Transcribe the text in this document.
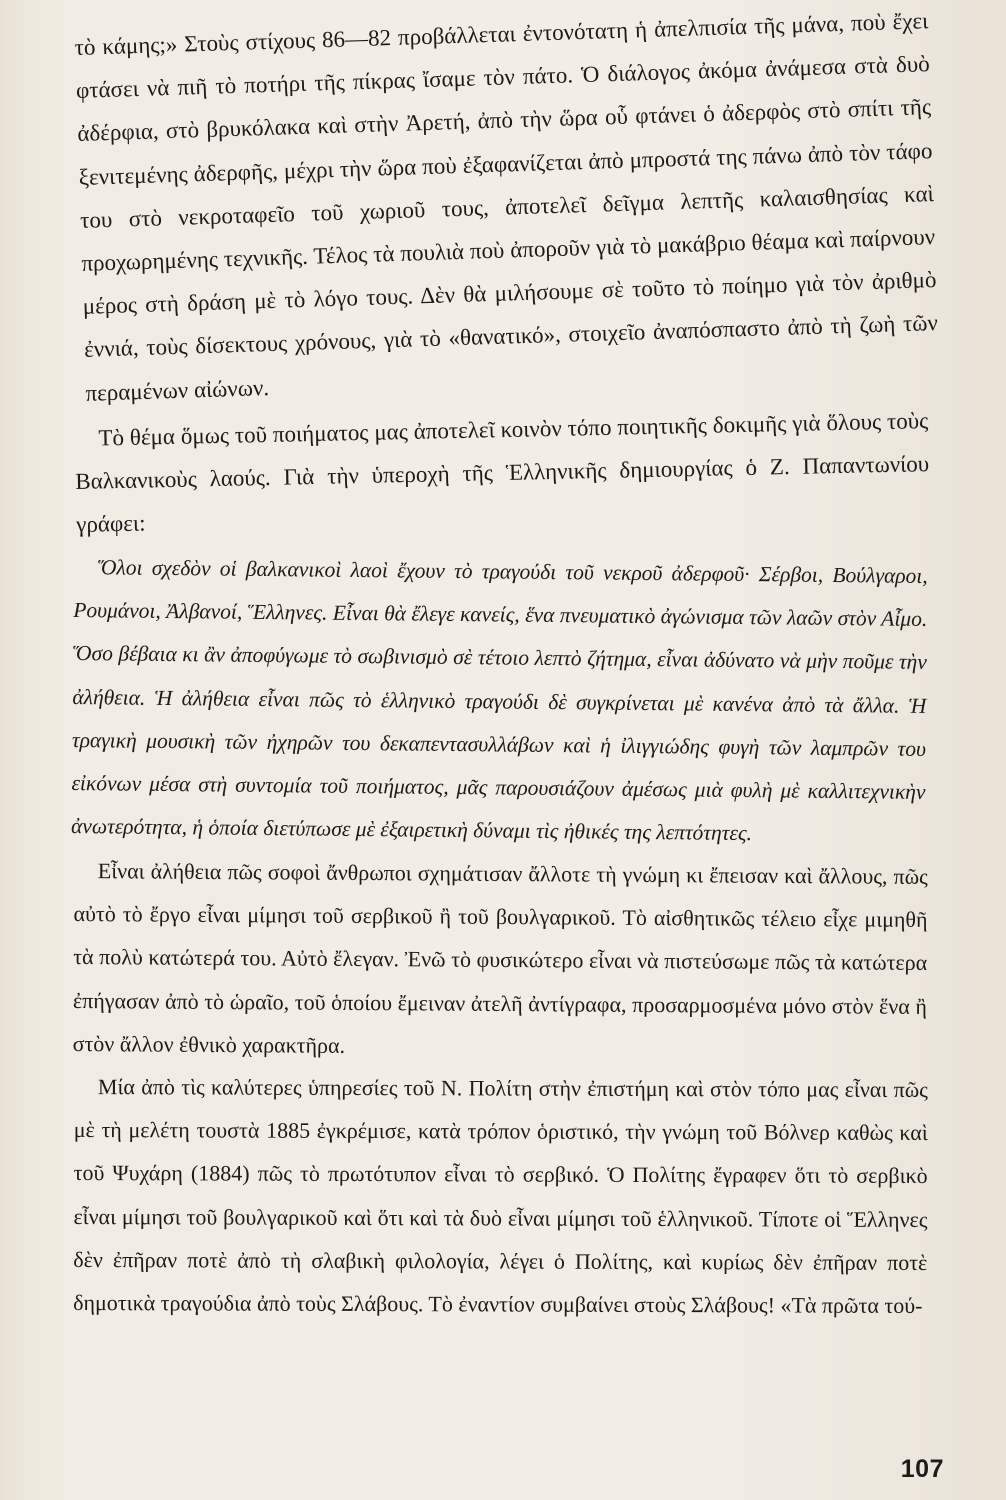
τὸ κάμης;» Στοὺς στίχους 86—82 προβάλλεται ἐντονότατη ἡ ἀπελπισία τῆς μάνα, ποὺ ἔχει φτάσει νὰ πιῆ τὸ ποτήρι τῆς πίκρας ἴσαμε τὸν πάτο. Ὁ διάλογος ἀκόμα ἀνάμεσα στὰ δυὸ ἀδέρφια, στὸ βρυκόλακα καὶ στὴν Ἀρετή, ἀπὸ τὴν ὥρα οὗ φτάνει ὁ ἀδερφὸς στὸ σπίτι τῆς ξενιτεμένης ἀδερφῆς, μέχρι τὴν ὥρα ποὺ ἐξαφανίζεται ἀπὸ μπροστά της πάνω ἀπὸ τὸν τάφο του στὸ νεκροταφεῖο τοῦ χωριοῦ τους, ἀποτελεῖ δεῖγμα λεπτῆς καλαισθησίας καὶ προχωρημένης τεχνικῆς. Τέλος τὰ πουλιὰ ποὺ ἀποροῦν γιὰ τὸ μακάβριο θέαμα καὶ παίρνουν μέρος στὴ δράση μὲ τὸ λόγο τους. Δὲν θὰ μιλήσουμε σὲ τοῦτο τὸ ποίημο γιὰ τὸν ἀριθμὸ ἐννιά, τοὺς δίσεκτους χρόνους, γιὰ τὸ «θανατικό», στοιχεῖο ἀναπόσπαστο ἀπὸ τὴ ζωὴ τῶν περαμένων αἰώνων.

Τὸ θέμα ὅμως τοῦ ποιήματος μας ἀποτελεῖ κοινὸν τόπο ποιητικῆς δοκιμῆς γιὰ ὅλους τοὺς Βαλκανικοὺς λαούς. Γιὰ τὴν ὑπεροχὴ τῆς Ἑλληνικῆς δημιουργίας ὁ Ζ. Παπαντωνίου γράφει:

Ὅλοι σχεδὸν οἱ βαλκανικοὶ λαοὶ ἔχουν τὸ τραγούδι τοῦ νεκροῦ ἀδερφοῦ· Σέρβοι, Βούλγαροι, Ρουμάνοι, Ἀλβανοί, Ἕλληνες. Εἶναι θὰ ἔλεγε κανείς, ἕνα πνευματικὸ ἀγώνισμα τῶν λαῶν στὸν Αἶμο. Ὅσο βέβαια κι ἂν ἀποφύγωμε τὸ σωβινισμὸ σὲ τέτοιο λεπτὸ ζήτημα, εἶναι ἀδύνατο νὰ μὴν ποῦμε τὴν ἀλήθεια. Ἡ ἀλήθεια εἶναι πῶς τὸ ἑλληνικὸ τραγούδι δὲ συγκρίνεται μὲ κανένα ἀπὸ τὰ ἄλλα. Ἡ τραγικὴ μουσικὴ τῶν ἠχηρῶν του δεκαπεντασυλλάβων καὶ ἡ ἰλιγγιώδης φυγὴ τῶν λαμπρῶν του εἰκόνων μέσα στὴ συντομία τοῦ ποιήματος, μᾶς παρουσιάζουν ἀμέσως μιὰ φυλὴ μὲ καλλιτεχνικὴν ἀνωτερότητα, ἡ ὁποία διετύπωσε μὲ ἐξαιρετικὴ δύναμι τὶς ἠθικές της λεπτότητες.

Εἶναι ἀλήθεια πῶς σοφοὶ ἄνθρωποι σχημάτισαν ἄλλοτε τὴ γνώμη κι ἔπεισαν καὶ ἄλλους, πῶς αὐτὸ τὸ ἔργο εἶναι μίμησι τοῦ σερβικοῦ ἢ τοῦ βουλγαρικοῦ. Τὸ αἰσθητικῶς τέλειο εἶχε μιμηθῆ τὰ πολὺ κατώτερά του. Αὐτὸ ἔλεγαν. Ἐνῶ τὸ φυσικώτερο εἶναι νὰ πιστεύσωμε πῶς τὰ κατώτερα ἐπήγασαν ἀπὸ τὸ ὡραῖο, τοῦ ὁποίου ἔμειναν ἀτελῆ ἀντίγραφα, προσαρμοσμένα μόνο στὸν ἕνα ἢ στὸν ἄλλον ἐθνικὸ χαρακτῆρα.

Μία ἀπὸ τὶς καλύτερες ὑπηρεσίες τοῦ Ν. Πολίτη στὴν ἐπιστήμη καὶ στὸν τόπο μας εἶναι πῶς μὲ τὴ μελέτη τουστὰ 1885 ἐγκρέμισε, κατὰ τρόπον ὁριστικό, τὴν γνώμη τοῦ Βόλνερ καθὼς καὶ τοῦ Ψυχάρη (1884) πῶς τὸ πρωτότυπον εἶναι τὸ σερβικό. Ὁ Πολίτης ἔγραφεν ὅτι τὸ σερβικὸ εἶναι μίμησι τοῦ βουλγαρικοῦ καὶ ὅτι καὶ τὰ δυὸ εἶναι μίμησι τοῦ ἑλληνικοῦ. Τίποτε οἱ Ἕλληνες δὲν ἐπῆραν ποτὲ ἀπὸ τὴ σλαβικὴ φιλολογία, λέγει ὁ Πολίτης, καὶ κυρίως δὲν ἐπῆραν ποτὲ δημοτικὰ τραγούδια ἀπὸ τοὺς Σλάβους. Τὸ ἐναντίον συμβαίνει στοὺς Σλάβους! «Τὰ πρῶτα τού-

107
